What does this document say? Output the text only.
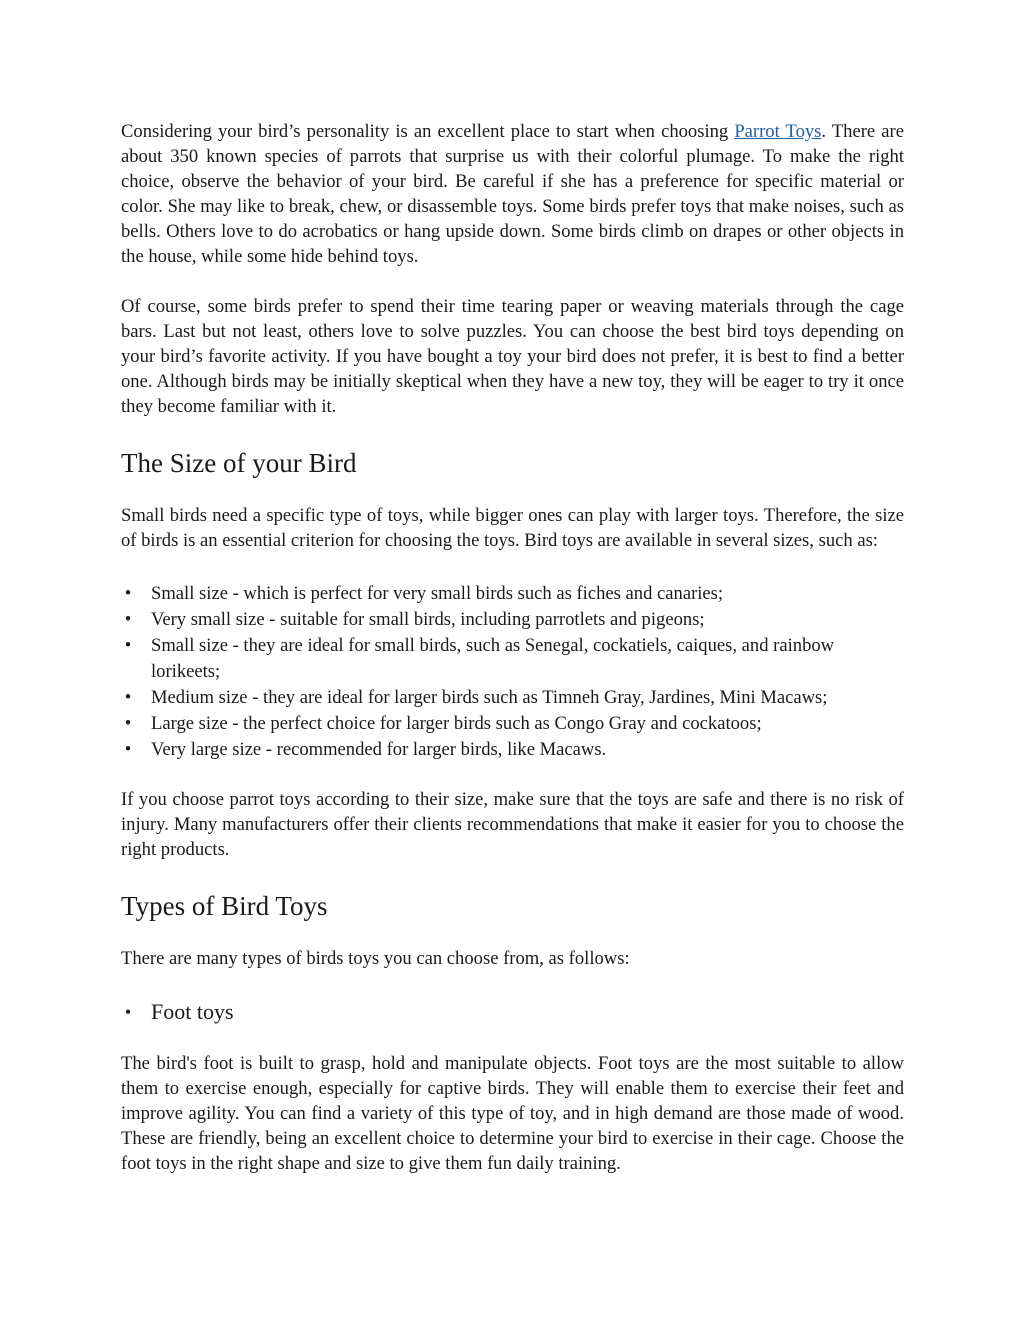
Considering your bird’s personality is an excellent place to start when choosing Parrot Toys. There are about 350 known species of parrots that surprise us with their colorful plumage. To make the right choice, observe the behavior of your bird. Be careful if she has a preference for specific material or color. She may like to break, chew, or disassemble toys. Some birds prefer toys that make noises, such as bells. Others love to do acrobatics or hang upside down. Some birds climb on drapes or other objects in the house, while some hide behind toys.

Of course, some birds prefer to spend their time tearing paper or weaving materials through the cage bars. Last but not least, others love to solve puzzles. You can choose the best bird toys depending on your bird’s favorite activity. If you have bought a toy your bird does not prefer, it is best to find a better one. Although birds may be initially skeptical when they have a new toy, they will be eager to try it once they become familiar with it.

The Size of your Bird

Small birds need a specific type of toys, while bigger ones can play with larger toys. Therefore, the size of birds is an essential criterion for choosing the toys. Bird toys are available in several sizes, such as:

• Small size - which is perfect for very small birds such as fiches and canaries;
• Very small size - suitable for small birds, including parrotlets and pigeons;
• Small size - they are ideal for small birds, such as Senegal, cockatiels, caiques, and rainbow lorikeets;
• Medium size - they are ideal for larger birds such as Timneh Gray, Jardines, Mini Macaws;
• Large size - the perfect choice for larger birds such as Congo Gray and cockatoos;
• Very large size - recommended for larger birds, like Macaws.

If you choose parrot toys according to their size, make sure that the toys are safe and there is no risk of injury. Many manufacturers offer their clients recommendations that make it easier for you to choose the right products.

Types of Bird Toys

There are many types of birds toys you can choose from, as follows:

• Foot toys

The bird's foot is built to grasp, hold and manipulate objects. Foot toys are the most suitable to allow them to exercise enough, especially for captive birds. They will enable them to exercise their feet and improve agility. You can find a variety of this type of toy, and in high demand are those made of wood. These are friendly, being an excellent choice to determine your bird to exercise in their cage. Choose the foot toys in the right shape and size to give them fun daily training.
